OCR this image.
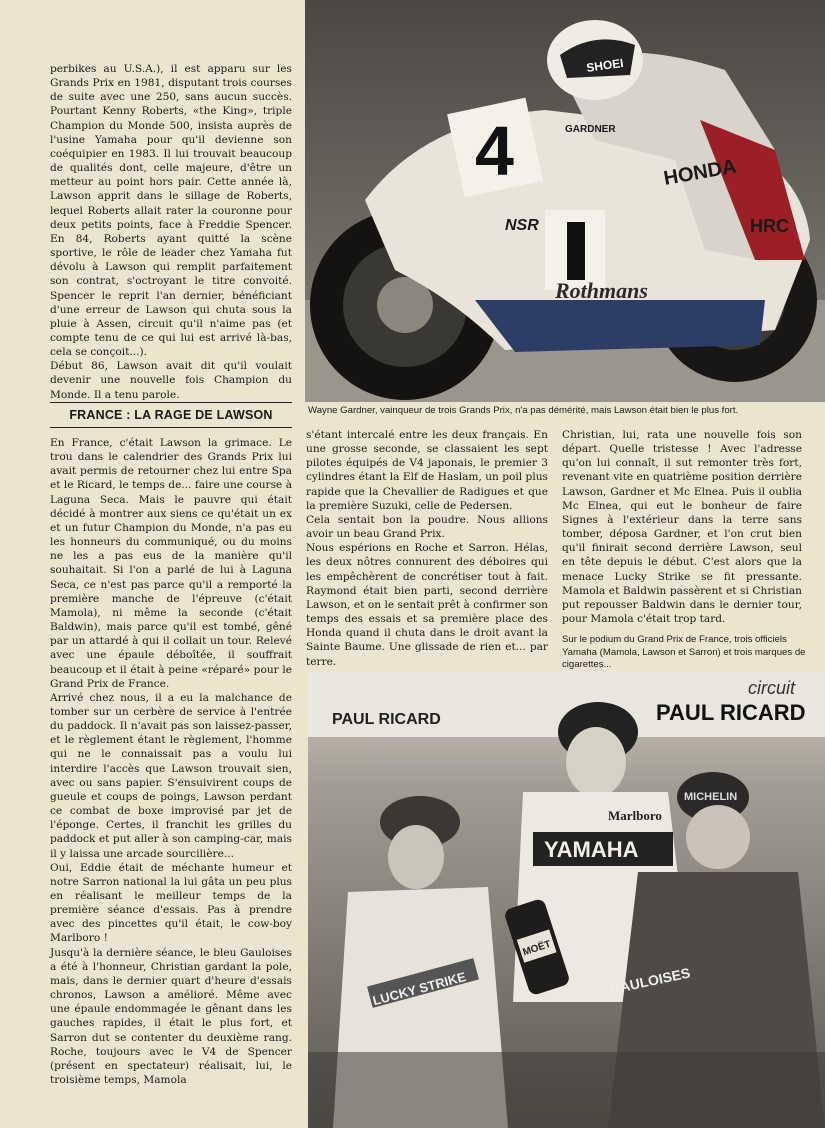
perbikes au U.S.A.), il est apparu sur les Grands Prix en 1981, disputant trois courses de suite avec une 250, sans aucun succès. Pourtant Kenny Roberts, «the King», triple Champion du Monde 500, insista auprès de l'usine Yamaha pour qu'il devienne son coéquipier en 1983. Il lui trouvait beaucoup de qualités dont, celle majeure, d'être un metteur au point hors pair. Cette année là, Lawson apprit dans le sillage de Roberts, lequel Roberts allait rater la couronne pour deux petits points, face à Freddie Spencer. En 84, Roberts ayant quitté la scène sportive, le rôle de leader chez Yamaha fut dévolu à Lawson qui remplit parfaitement son contrat, s'octroyant le titre convoité. Spencer le reprit l'an dernier, bénéficiant d'une erreur de Lawson qui chuta sous la pluie à Assen, circuit qu'il n'aime pas (et compte tenu de ce qui lui est arrivé là-bas, cela se conçoit...).
Début 86, Lawson avait dit qu'il voulait devenir une nouvelle fois Champion du Monde. Il a tenu parole.

4
SHOEI
Rothmans
HONDA
NSR	HRC
GARDNER
FRANCE : LA RAGE DE LAWSON	Wayne Gardner, vainqueur de trois Grands Prix, n'a pas démérité, mais Lawson était bien le plus fort.

En France, c'était Lawson la grimace. Le trou dans le calendrier des Grands Prix lui avait permis de retourner chez lui entre Spa et le Ricard, le temps de... faire une course à Laguna Seca. Mais le pauvre qui était décidé à montrer aux siens ce qu'était un ex et un futur Champion du Monde, n'a pas eu les honneurs du communiqué, ou du moins ne les a pas eus de la manière qu'il souhaitait. Si l'on a parlé de lui à Laguna Seca, ce n'est pas parce qu'il a remporté la première manche de l'épreuve (c'était Mamola), ni même la seconde (c'était Baldwin), mais parce qu'il est tombé, gêné par un attardé à qui il collait un tour. Relevé avec une épaule déboîtée, il souffrait beaucoup et il était à peine «réparé» pour le Grand Prix de France.
Arrivé chez nous, il a eu la malchance de tomber sur un cerbère de service à l'entrée du paddock. Il n'avait pas son laissez-passer, et le règlement étant le règlement, l'homme qui ne le connaissait pas a voulu lui interdire l'accès que Lawson trouvait sien, avec ou sans papier. S'ensuivirent coups de gueule et coups de poings, Lawson perdant ce combat de boxe improvisé par jet de l'éponge. Certes, il franchit les grilles du paddock et put aller à son camping-car, mais il y laissa une arcade sourcilière...
Oui, Eddie était de méchante humeur et notre Sarron national la lui gâta un peu plus en réalisant le meilleur temps de la première séance d'essais. Pas à prendre avec des pincettes qu'il était, le cow-boy Marlboro !
Jusqu'à la dernière séance, le bleu Gauloises a été à l'honneur, Christian gardant la pole, mais, dans le dernier quart d'heure d'essais chronos, Lawson a amélioré. Même avec une épaule endommagée le gênant dans les gauches rapides, il était le plus fort, et Sarron dut se contenter du deuxième rang. Roche, toujours avec le V4 de Spencer (présent en spectateur) réalisait, lui, le troisième temps, Mamola

s'étant intercalé entre les deux français. En une grosse seconde, se classaient les sept pilotes équipés de V4 japonais, le premier 3 cylindres étant la Elf de Haslam, un poil plus rapide que la Chevallier de Radigues et que la première Suzuki, celle de Pedersen.
Cela sentait bon la poudre. Nous allions avoir un beau Grand Prix.
Nous espérions en Roche et Sarron. Hélas, les deux nôtres connurent des déboires qui les empêchèrent de concrétiser tout à fait. Raymond était bien parti, second derrière Lawson, et on le sentait prêt à confirmer son temps des essais et sa première place des Honda quand il chuta dans le droit avant la Sainte Baume. Une glissade de rien et... par terre.

Christian, lui, rata une nouvelle fois son départ. Quelle tristesse ! Avec l'adresse qu'on lui connaît, il sut remonter très fort, revenant vite en quatrième position derrière Lawson, Gardner et Mc Elnea. Puis il oublia Mc Elnea, qui eut le bonheur de faire Signes à l'extérieur dans la terre sans tomber, déposa Gardner, et l'on crut bien qu'il finirait second derrière Lawson, seul en tête depuis le début. C'est alors que la menace Lucky Strike se fit pressante. Mamola et Baldwin passèrent et si Christian put repousser Baldwin dans le dernier tour, pour Mamola c'était trop tard.

Sur le podium du Grand Prix de France, trois officiels Yamaha (Mamola, Lawson et Sarron) et trois marques de cigarettes...

circuit
PAUL RICARD
PAUL RICARD
YAMAHA
Marlboro
LUCKY STRIKE
MICHELIN
GAULOISES
MOËT
